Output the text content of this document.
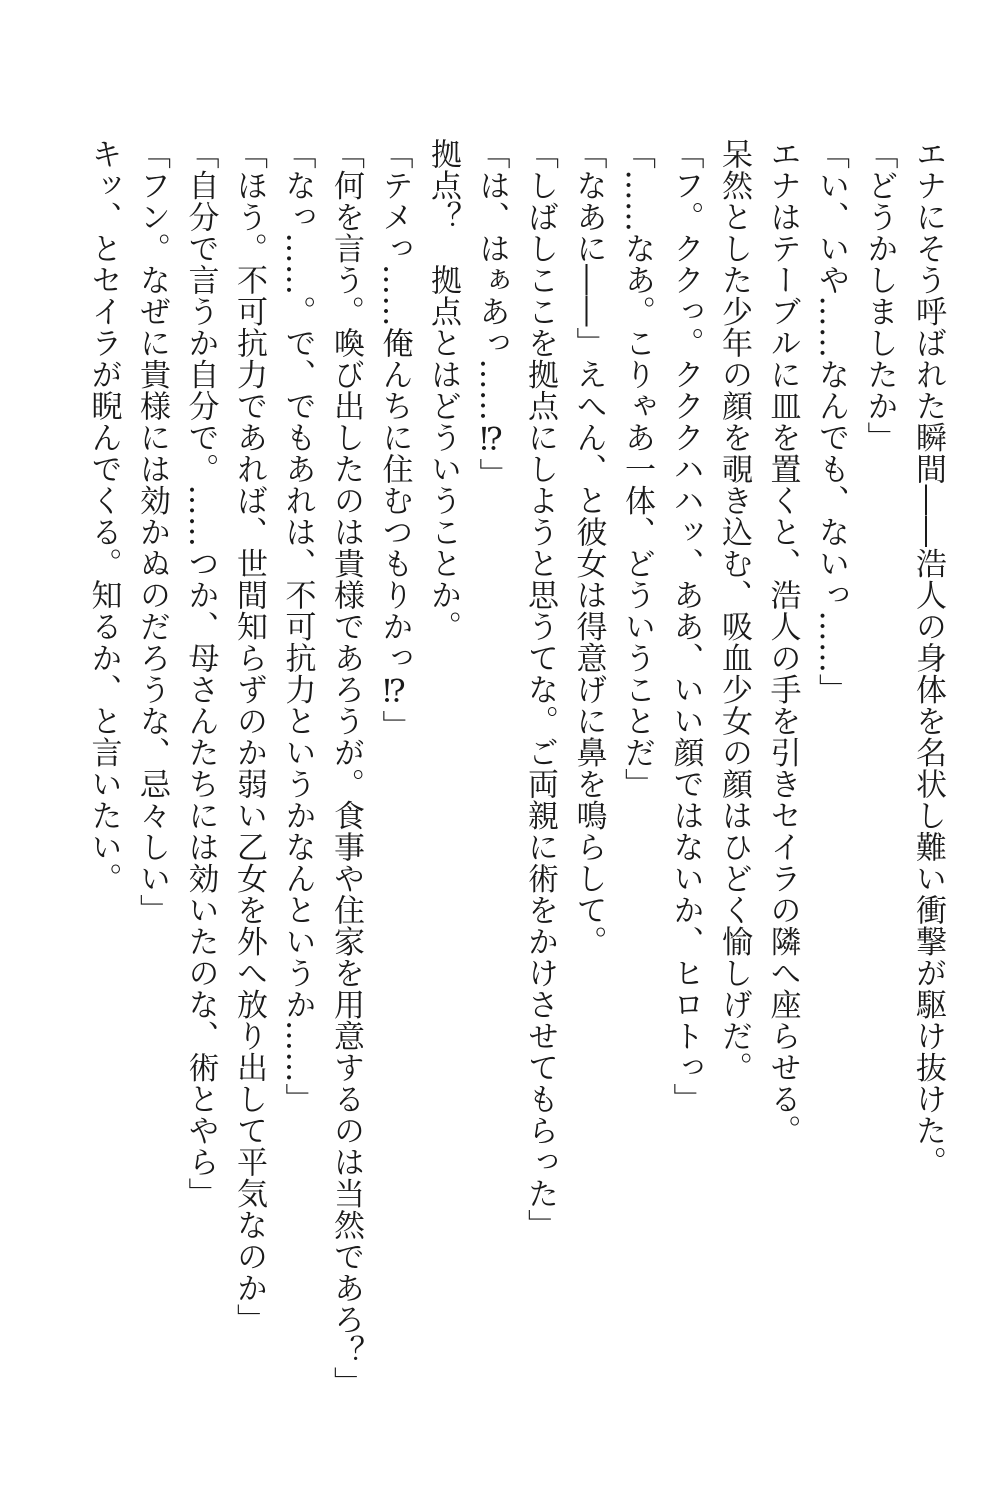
エナにそう呼ばれた瞬間――浩人の身体を名状し難い衝撃が駆け抜けた。
「どうかしましたか」
「い、いや……なんでも、ないっ……」
エナはテーブルに皿を置くと、浩人の手を引きセイラの隣へ座らせる。
呆然とした少年の顔を覗き込む、吸血少女の顔はひどく愉しげだ。
「フ。ククっ。クククハハッ、ああ、いい顔ではないか、ヒロトっ」
「……なあ。こりゃあ一体、どういうことだ」
「なあに――」えへん、と彼女は得意げに鼻を鳴らして。
「しばしここを拠点にしようと思うてな。ご両親に術をかけさせてもらった」
「は、はぁあっ……⁉」
拠点？　拠点とはどういうことか。
「テメっ……俺んちに住むつもりかっ⁉」
「何を言う。喚び出したのは貴様であろうが。食事や住家を用意するのは当然であろ？」
「なっ……。で、でもあれは、不可抗力というかなんというか……」
「ほう。不可抗力であれば、世間知らずのか弱い乙女を外へ放り出して平気なのか」
「自分で言うか自分で。……つか、母さんたちには効いたのな、術とやら」
「フン。なぜに貴様には効かぬのだろうな、忌々しい」
キッ、とセイラが睨んでくる。知るか、と言いたい。
